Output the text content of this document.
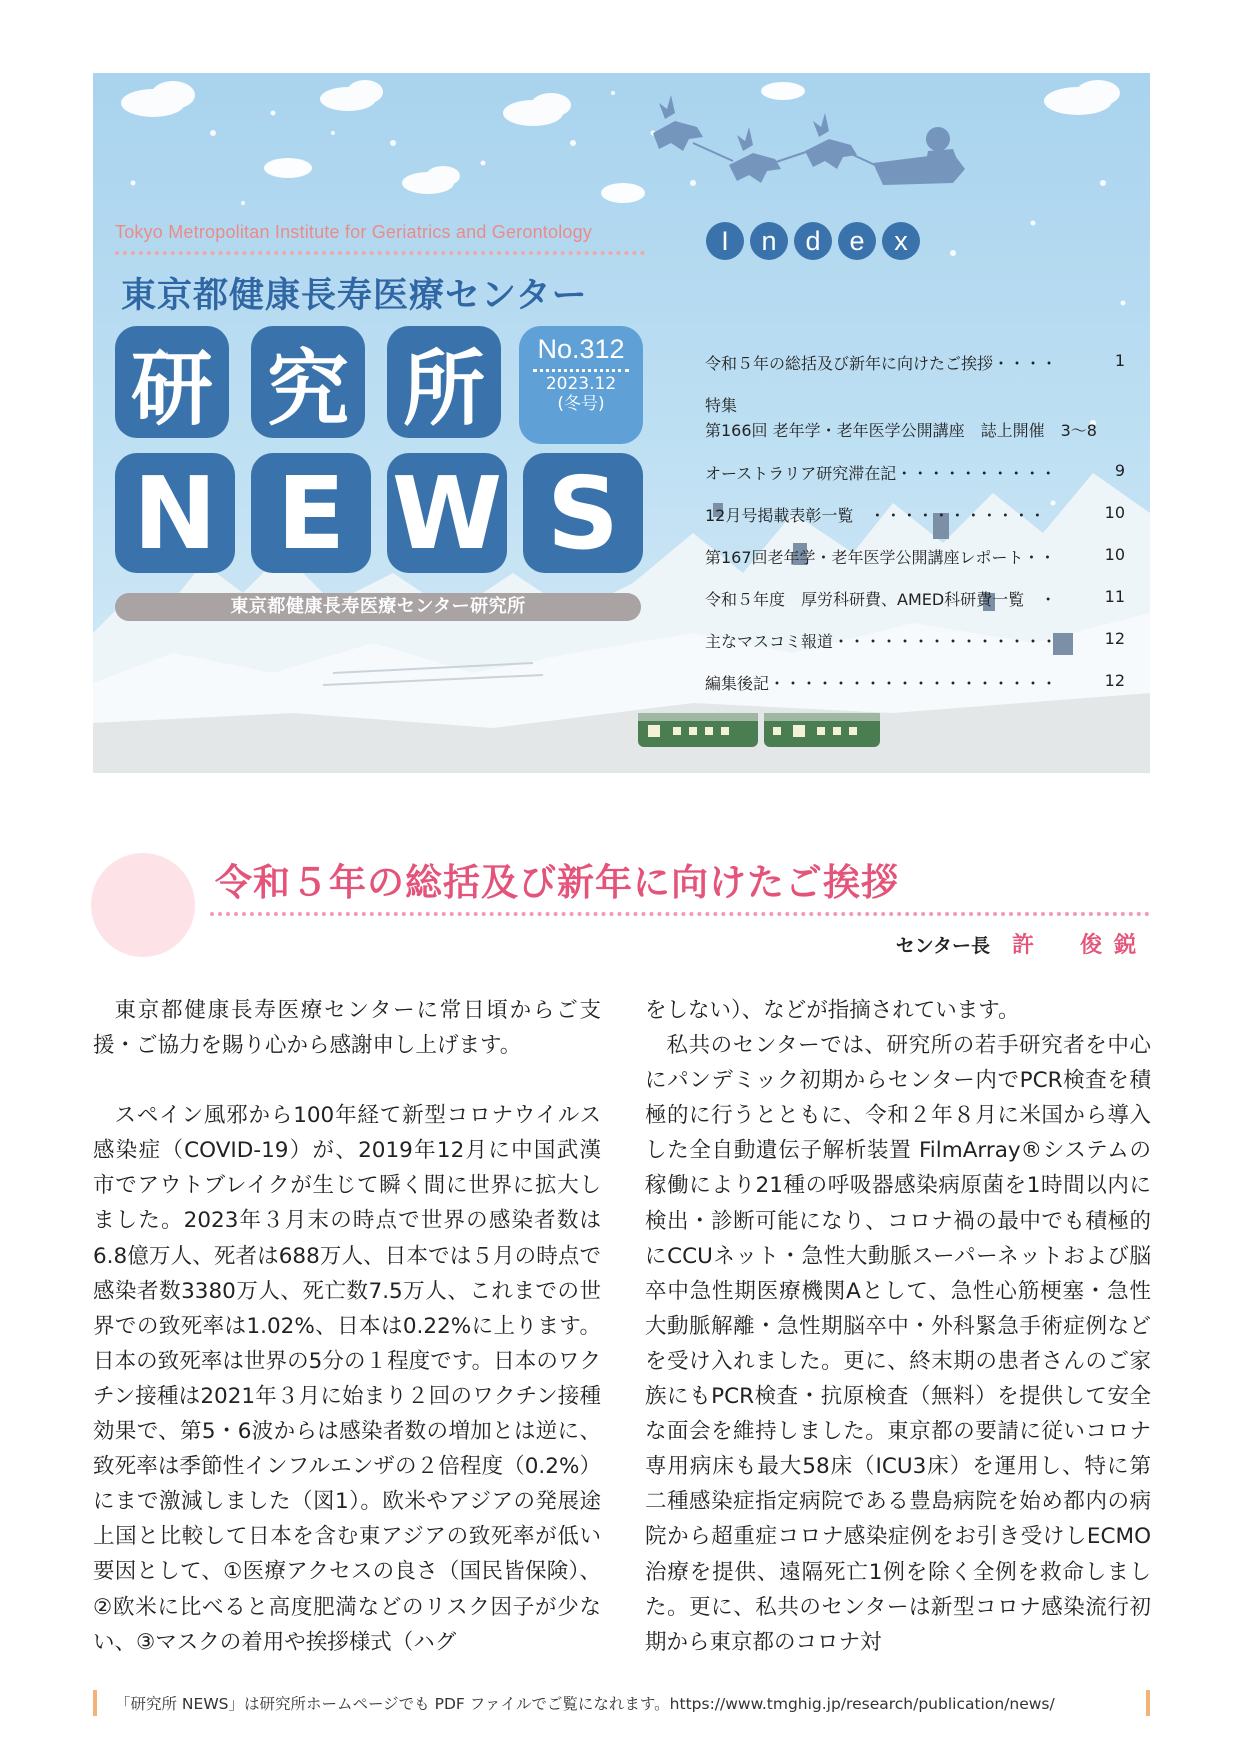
Tokyo Metropolitan Institute for Geriatrics and Gerontology
東京都健康長寿医療センター
研 究 所	No.312
2023.12
(冬号)
N E W S
東京都健康長寿医療センター研究所
I	n	d	e	x
令和５年の総括及び新年に向けたご挨拶・・・・	1
特集
第166回 老年学・老年医学公開講座　誌上開催　3～8
オーストラリア研究滞在記・・・・・・・・・・	9
12月号掲載表彰一覧　・・・・・・・・・・・	10
第167回老年学・老年医学公開講座レポート・・	10
令和５年度　厚労科研費、AMED科研費一覧　・	11
主なマスコミ報道・・・・・・・・・・・・・・	12
編集後記・・・・・・・・・・・・・・・・・・	12
令和５年の総括及び新年に向けたご挨拶
センター長 許　俊鋭

東京都健康長寿医療センターに常日頃からご支援・ご協力を賜り心から感謝申し上げます。

スペイン風邪から100年経て新型コロナウイルス感染症（COVID-19）が、2019年12月に中国武漢市でアウトブレイクが生じて瞬く間に世界に拡大しました。2023年３月末の時点で世界の感染者数は6.8億万人、死者は688万人、日本では５月の時点で感染者数3380万人、死亡数7.5万人、これまでの世界での致死率は1.02%、日本は0.22%に上ります。日本の致死率は世界の5分の１程度です。日本のワクチン接種は2021年３月に始まり２回のワクチン接種効果で、第5・6波からは感染者数の増加とは逆に、致死率は季節性インフルエンザの２倍程度（0.2%）にまで激減しました（図1）。欧米やアジアの発展途上国と比較して日本を含む東アジアの致死率が低い要因として、①医療アクセスの良さ（国民皆保険）、②欧米に比べると高度肥満などのリスク因子が少ない、③マスクの着用や挨拶様式（ハグ

をしない）、などが指摘されています。

私共のセンターでは、研究所の若手研究者を中心にパンデミック初期からセンター内でPCR検査を積極的に行うとともに、令和２年８月に米国から導入した全自動遺伝子解析装置 FilmArray®システムの稼働により21種の呼吸器感染病原菌を1時間以内に検出・診断可能になり、コロナ禍の最中でも積極的にCCUネット・急性大動脈スーパーネットおよび脳卒中急性期医療機関Aとして、急性心筋梗塞・急性大動脈解離・急性期脳卒中・外科緊急手術症例などを受け入れました。更に、終末期の患者さんのご家族にもPCR検査・抗原検査（無料）を提供して安全な面会を維持しました。東京都の要請に従いコロナ専用病床も最大58床（ICU3床）を運用し、特に第二種感染症指定病院である豊島病院を始め都内の病院から超重症コロナ感染症例をお引き受けしECMO治療を提供、遠隔死亡1例を除く全例を救命しました。更に、私共のセンターは新型コロナ感染流行初期から東京都のコロナ対

「研究所 NEWS」は研究所ホームページでも PDF ファイルでご覧になれます。https://www.tmghig.jp/research/publication/news/
